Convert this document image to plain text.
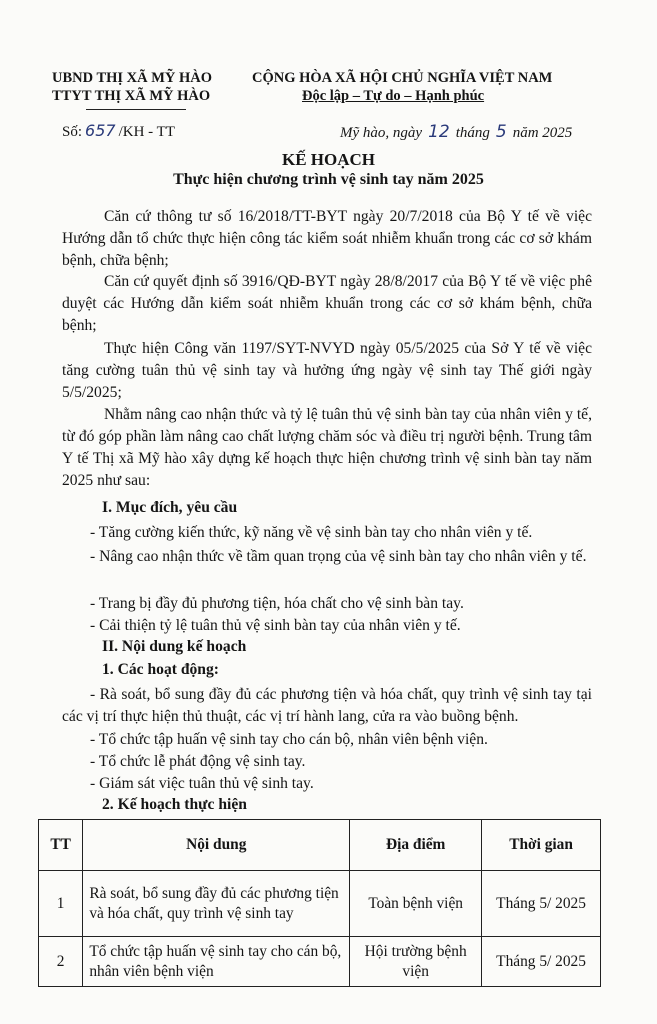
UBND THỊ XÃ MỸ HÀO
TTYT THỊ XÃ MỸ HÀO
CỘNG HÒA XÃ HỘI CHỦ NGHĨA VIỆT NAM
Độc lập – Tự do – Hạnh phúc
Số: 657 /KH - TT	Mỹ hào, ngày 12 tháng 5 năm 2025
KẾ HOẠCH
Thực hiện chương trình vệ sinh tay năm 2025

Căn cứ thông tư số 16/2018/TT-BYT ngày 20/7/2018 của Bộ Y tế về việc Hướng dẫn tổ chức thực hiện công tác kiểm soát nhiễm khuẩn trong các cơ sở khám bệnh, chữa bệnh;

Căn cứ quyết định số 3916/QĐ-BYT ngày 28/8/2017 của Bộ Y tế về việc phê duyệt các Hướng dẫn kiểm soát nhiễm khuẩn trong các cơ sở khám bệnh, chữa bệnh;

Thực hiện Công văn 1197/SYT-NVYD ngày 05/5/2025 của Sở Y tế về việc tăng cường tuân thủ vệ sinh tay và hưởng ứng ngày vệ sinh tay Thế giới ngày 5/5/2025;

Nhằm nâng cao nhận thức và tỷ lệ tuân thủ vệ sinh bàn tay của nhân viên y tế, từ đó góp phần làm nâng cao chất lượng chăm sóc và điều trị người bệnh. Trung tâm Y tế Thị xã Mỹ hào xây dựng kế hoạch thực hiện chương trình vệ sinh bàn tay năm 2025 như sau:

I. Mục đích, yêu cầu

- Tăng cường kiến thức, kỹ năng về vệ sinh bàn tay cho nhân viên y tế.

- Nâng cao nhận thức về tầm quan trọng của vệ sinh bàn tay cho nhân viên y tế.

- Trang bị đầy đủ phương tiện, hóa chất cho vệ sinh bàn tay.

- Cải thiện tỷ lệ tuân thủ vệ sinh bàn tay của nhân viên y tế.

II. Nội dung kế hoạch
1. Các hoạt động:

- Rà soát, bổ sung đầy đủ các phương tiện và hóa chất, quy trình vệ sinh tay tại các vị trí thực hiện thủ thuật, các vị trí hành lang, cửa ra vào buồng bệnh.

- Tổ chức tập huấn vệ sinh tay cho cán bộ, nhân viên bệnh viện.

- Tổ chức lễ phát động vệ sinh tay.

- Giám sát việc tuân thủ vệ sinh tay.

2. Kế hoạch thực hiện
TT	Nội dung	Địa điểm	Thời gian
1	Rà soát, bổ sung đầy đủ các phương tiện và hóa chất, quy trình vệ sinh tay	Toàn bệnh viện	Tháng 5/ 2025
2	Tổ chức tập huấn vệ sinh tay cho cán bộ, nhân viên bệnh viện	Hội trường bệnh viện	Tháng 5/ 2025
